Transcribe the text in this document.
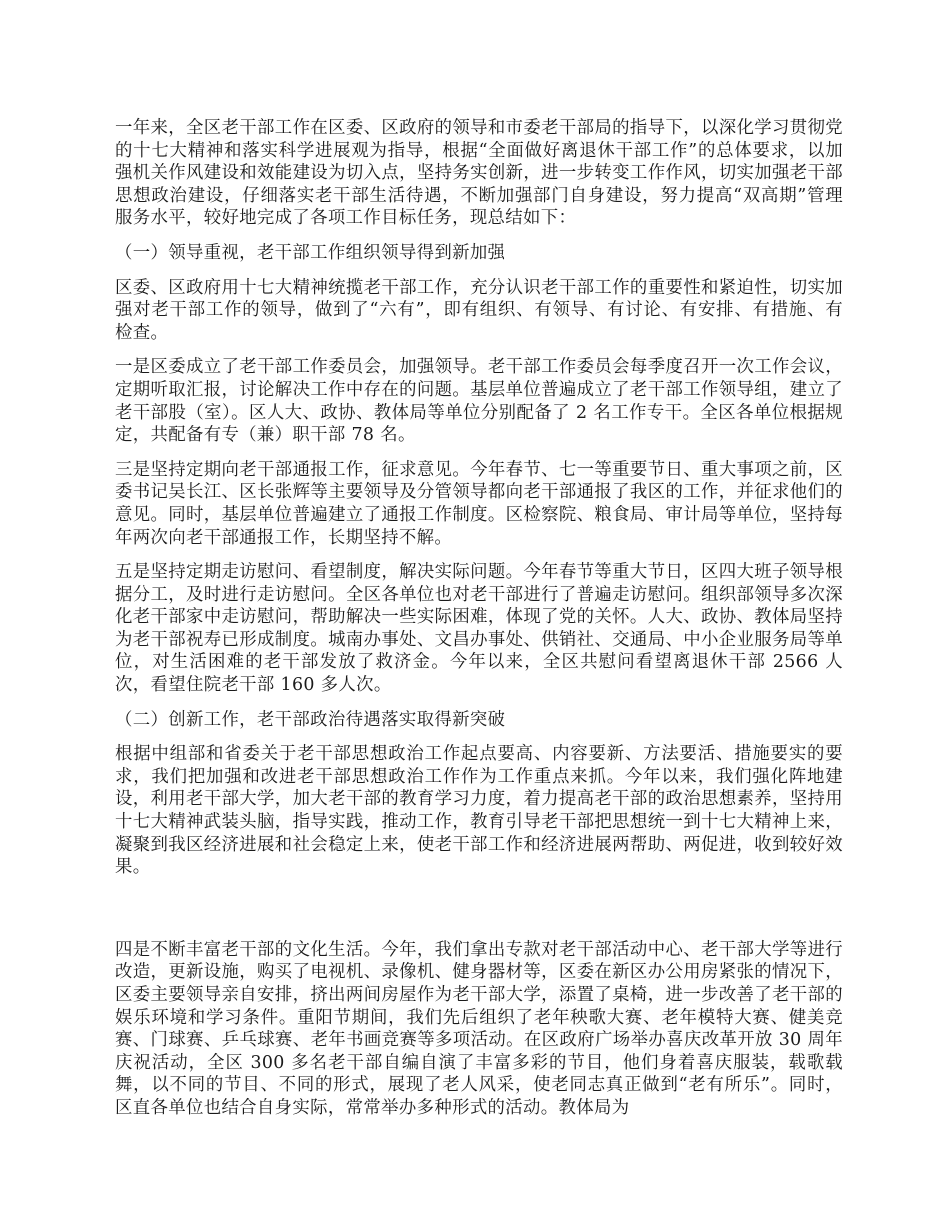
一年来，全区老干部工作在区委、区政府的领导和市委老干部局的指导下，以深化学习贯彻党的十七大精神和落实科学进展观为指导，根据“全面做好离退休干部工作”的总体要求，以加强机关作风建设和效能建设为切入点，坚持务实创新，进一步转变工作作风，切实加强老干部思想政治建设，仔细落实老干部生活待遇，不断加强部门自身建设，努力提高“双高期”管理服务水平，较好地完成了各项工作目标任务，现总结如下：

（一）领导重视，老干部工作组织领导得到新加强

区委、区政府用十七大精神统揽老干部工作，充分认识老干部工作的重要性和紧迫性，切实加强对老干部工作的领导，做到了“六有”，即有组织、有领导、有讨论、有安排、有措施、有检查。

一是区委成立了老干部工作委员会，加强领导。老干部工作委员会每季度召开一次工作会议，定期听取汇报，讨论解决工作中存在的问题。基层单位普遍成立了老干部工作领导组，建立了老干部股（室）。区人大、政协、教体局等单位分别配备了 2 名工作专干。全区各单位根据规定，共配备有专（兼）职干部 78 名。

三是坚持定期向老干部通报工作，征求意见。今年春节、七一等重要节日、重大事项之前，区委书记吴长江、区长张辉等主要领导及分管领导都向老干部通报了我区的工作，并征求他们的意见。同时，基层单位普遍建立了通报工作制度。区检察院、粮食局、审计局等单位，坚持每年两次向老干部通报工作，长期坚持不解。

五是坚持定期走访慰问、看望制度，解决实际问题。今年春节等重大节日，区四大班子领导根据分工，及时进行走访慰问。全区各单位也对老干部进行了普遍走访慰问。组织部领导多次深化老干部家中走访慰问，帮助解决一些实际困难，体现了党的关怀。人大、政协、教体局坚持为老干部祝寿已形成制度。城南办事处、文昌办事处、供销社、交通局、中小企业服务局等单位，对生活困难的老干部发放了救济金。今年以来，全区共慰问看望离退休干部 2566 人次，看望住院老干部 160 多人次。

（二）创新工作，老干部政治待遇落实取得新突破

根据中组部和省委关于老干部思想政治工作起点要高、内容要新、方法要活、措施要实的要求，我们把加强和改进老干部思想政治工作作为工作重点来抓。今年以来，我们强化阵地建设，利用老干部大学，加大老干部的教育学习力度，着力提高老干部的政治思想素养，坚持用十七大精神武装头脑，指导实践，推动工作，教育引导老干部把思想统一到十七大精神上来，凝聚到我区经济进展和社会稳定上来，使老干部工作和经济进展两帮助、两促进，收到较好效果。

四是不断丰富老干部的文化生活。今年，我们拿出专款对老干部活动中心、老干部大学等进行改造，更新设施，购买了电视机、录像机、健身器材等，区委在新区办公用房紧张的情况下，区委主要领导亲自安排，挤出两间房屋作为老干部大学，添置了桌椅，进一步改善了老干部的娱乐环境和学习条件。重阳节期间，我们先后组织了老年秧歌大赛、老年模特大赛、健美竞赛、门球赛、乒乓球赛、老年书画竞赛等多项活动。在区政府广场举办喜庆改革开放 30 周年庆祝活动，全区 300 多名老干部自编自演了丰富多彩的节目，他们身着喜庆服装，载歌载舞，以不同的节目、不同的形式，展现了老人风采，使老同志真正做到“老有所乐”。同时，区直各单位也结合自身实际，常常举办多种形式的活动。教体局为
